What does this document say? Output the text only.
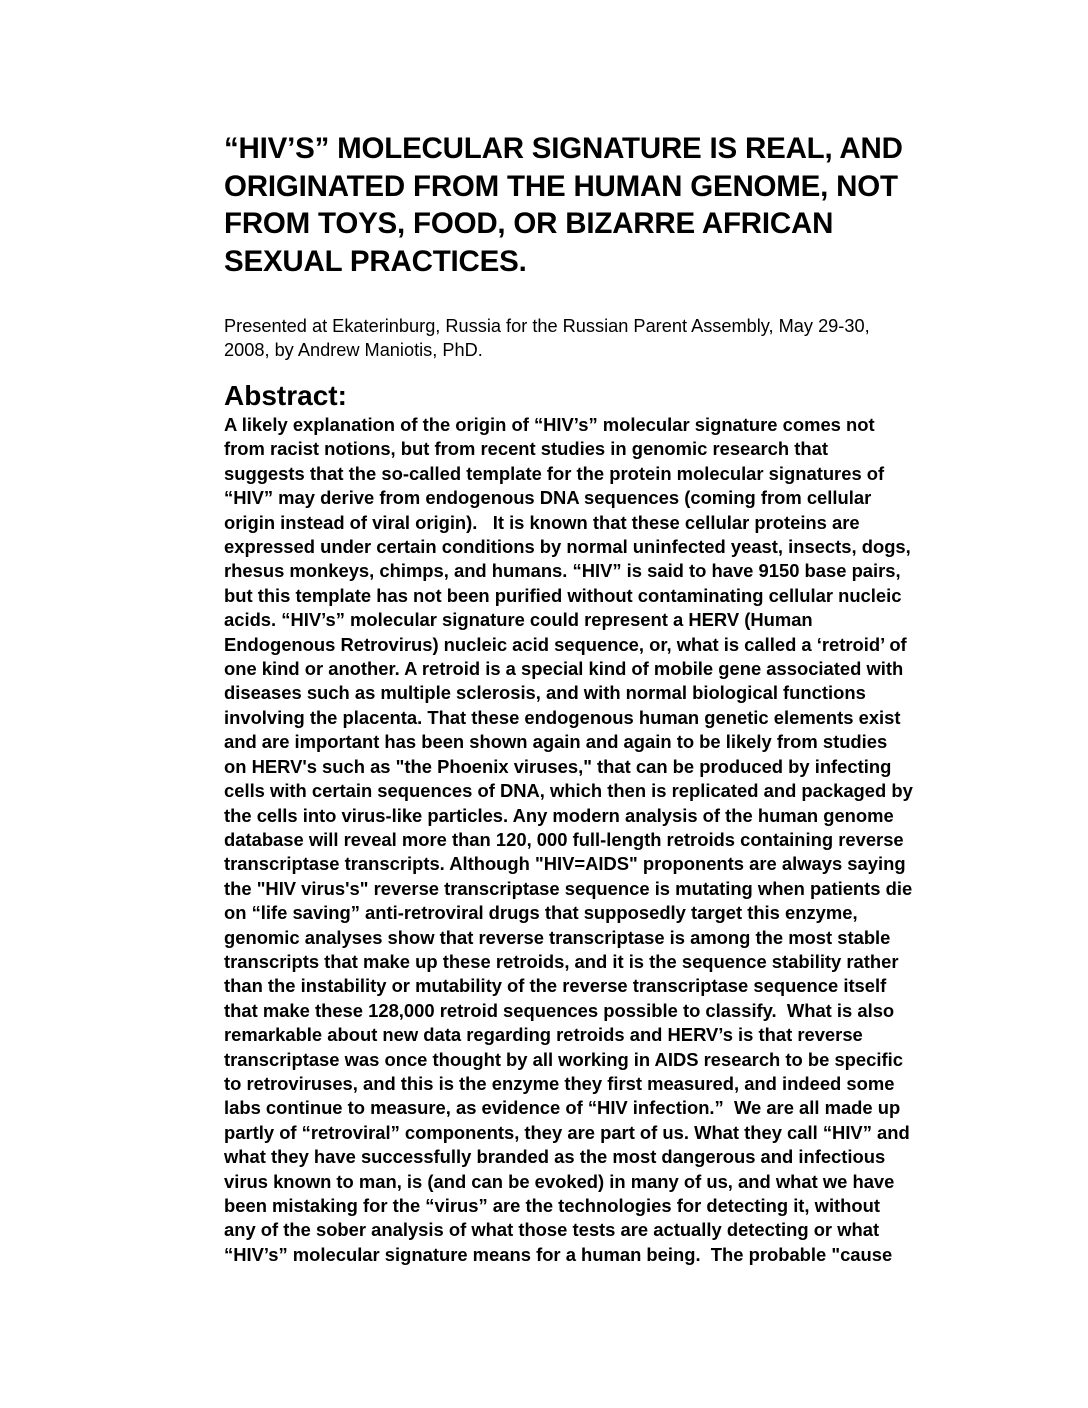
“HIV’S” MOLECULAR SIGNATURE IS REAL, AND
ORIGINATED FROM THE HUMAN GENOME, NOT
FROM TOYS, FOOD, OR BIZARRE AFRICAN
SEXUAL PRACTICES.

Presented at Ekaterinburg, Russia for the Russian Parent Assembly, May 29-30,
2008, by Andrew Maniotis, PhD.

Abstract:
A likely explanation of the origin of “HIV’s” molecular signature comes not
from racist notions, but from recent studies in genomic research that
suggests that the so-called template for the protein molecular signatures of
“HIV” may derive from endogenous DNA sequences (coming from cellular
origin instead of viral origin).   It is known that these cellular proteins are
expressed under certain conditions by normal uninfected yeast, insects, dogs,
rhesus monkeys, chimps, and humans. “HIV” is said to have 9150 base pairs,
but this template has not been purified without contaminating cellular nucleic
acids. “HIV’s” molecular signature could represent a HERV (Human
Endogenous Retrovirus) nucleic acid sequence, or, what is called a ‘retroid’ of
one kind or another. A retroid is a special kind of mobile gene associated with
diseases such as multiple sclerosis, and with normal biological functions
involving the placenta. That these endogenous human genetic elements exist
and are important has been shown again and again to be likely from studies
on HERV's such as "the Phoenix viruses," that can be produced by infecting
cells with certain sequences of DNA, which then is replicated and packaged by
the cells into virus-like particles. Any modern analysis of the human genome
database will reveal more than 120, 000 full-length retroids containing reverse
transcriptase transcripts. Although "HIV=AIDS" proponents are always saying
the "HIV virus's" reverse transcriptase sequence is mutating when patients die
on “life saving” anti-retroviral drugs that supposedly target this enzyme,
genomic analyses show that reverse transcriptase is among the most stable
transcripts that make up these retroids, and it is the sequence stability rather
than the instability or mutability of the reverse transcriptase sequence itself
that make these 128,000 retroid sequences possible to classify.  What is also
remarkable about new data regarding retroids and HERV’s is that reverse
transcriptase was once thought by all working in AIDS research to be specific
to retroviruses, and this is the enzyme they first measured, and indeed some
labs continue to measure, as evidence of “HIV infection.”  We are all made up
partly of “retroviral” components, they are part of us. What they call “HIV” and
what they have successfully branded as the most dangerous and infectious
virus known to man, is (and can be evoked) in many of us, and what we have
been mistaking for the “virus” are the technologies for detecting it, without
any of the sober analysis of what those tests are actually detecting or what
“HIV’s” molecular signature means for a human being.  The probable "cause
